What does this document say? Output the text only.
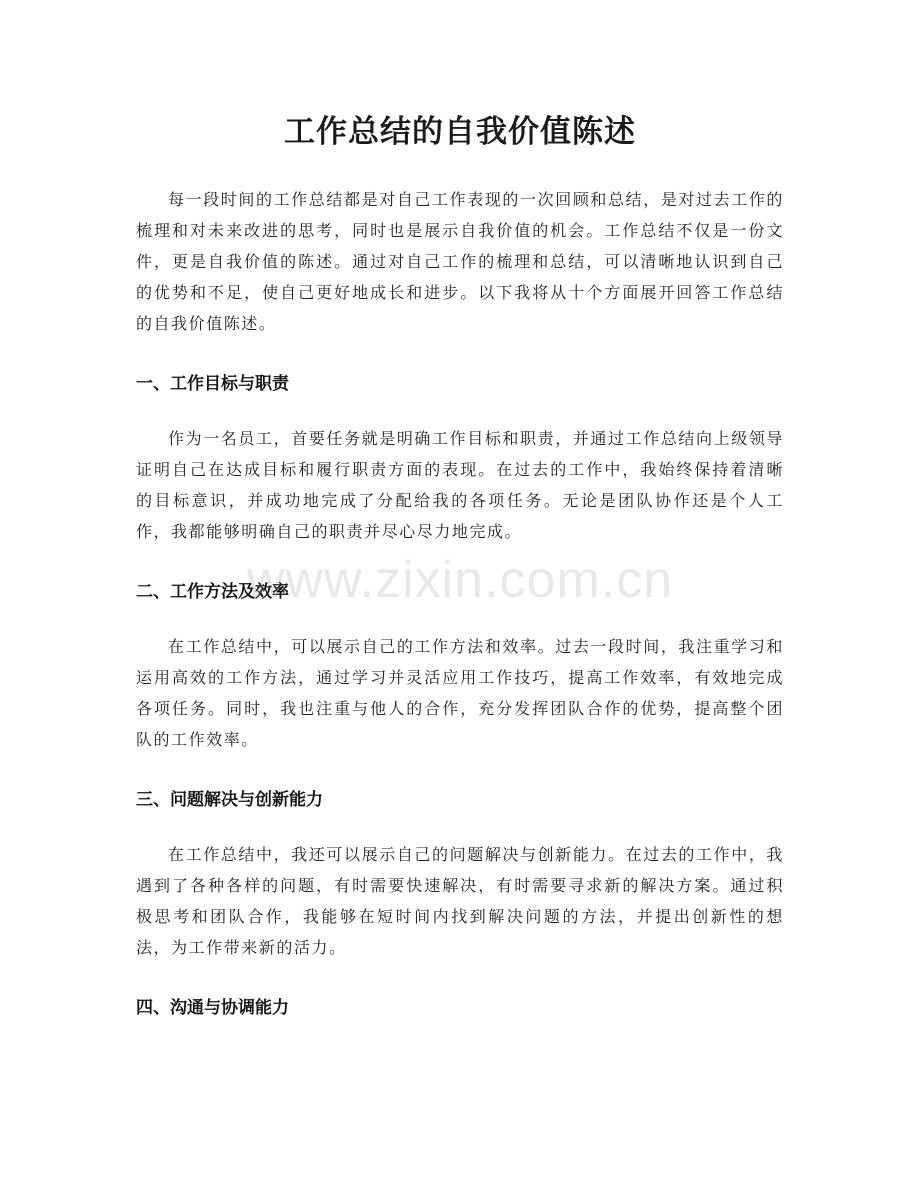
工作总结的自我价值陈述

每一段时间的工作总结都是对自己工作表现的一次回顾和总结，是对过去工作的梳理和对未来改进的思考，同时也是展示自我价值的机会。工作总结不仅是一份文件，更是自我价值的陈述。通过对自己工作的梳理和总结，可以清晰地认识到自己的优势和不足，使自己更好地成长和进步。以下我将从十个方面展开回答工作总结的自我价值陈述。

一、工作目标与职责

作为一名员工，首要任务就是明确工作目标和职责，并通过工作总结向上级领导证明自己在达成目标和履行职责方面的表现。在过去的工作中，我始终保持着清晰的目标意识，并成功地完成了分配给我的各项任务。无论是团队协作还是个人工作，我都能够明确自己的职责并尽心尽力地完成。

二、工作方法及效率

在工作总结中，可以展示自己的工作方法和效率。过去一段时间，我注重学习和运用高效的工作方法，通过学习并灵活应用工作技巧，提高工作效率，有效地完成各项任务。同时，我也注重与他人的合作，充分发挥团队合作的优势，提高整个团队的工作效率。

三、问题解决与创新能力

在工作总结中，我还可以展示自己的问题解决与创新能力。在过去的工作中，我遇到了各种各样的问题，有时需要快速解决，有时需要寻求新的解决方案。通过积极思考和团队合作，我能够在短时间内找到解决问题的方法，并提出创新性的想法，为工作带来新的活力。

四、沟通与协调能力
www.zixin.com.cn
